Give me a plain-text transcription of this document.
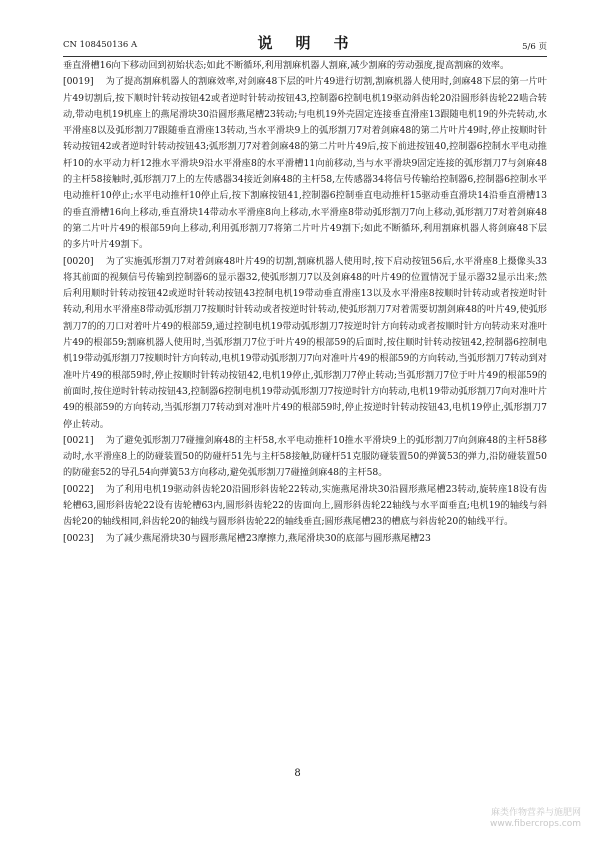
CN 108450136 A	说　明　书	5/6 页

垂直滑槽16向下移动回到初始状态;如此不断循环,利用割麻机器人割麻,减少割麻的劳动强度,提高割麻的效率。

[0019] 为了提高割麻机器人的割麻效率,对剑麻48下层的叶片49进行切割,割麻机器人使用时,剑麻48下层的第一片叶片49切割后,按下顺时针转动按钮42或者逆时针转动按钮43,控制器6控制电机19驱动斜齿轮20沿圆形斜齿轮22啮合转动,带动电机19机座上的燕尾滑块30沿圆形燕尾槽23转动;与电机19外壳固定连接垂直滑座13跟随电机19的外壳转动,水平滑座8以及弧形割刀7跟随垂直滑座13转动,当水平滑块9上的弧形割刀7对着剑麻48的第二片叶片49时,停止按顺时针转动按钮42或者逆时针转动按钮43;弧形割刀7对着剑麻48的第二片叶片49后,按下前进按钮40,控制器6控制水平电动推杆10的水平动力杆12推水平滑块9沿水平滑座8的水平滑槽11向前移动,当与水平滑块9固定连接的弧形割刀7与剑麻48的主杆58接触时,弧形割刀7上的左传感器34接近剑麻48的主杆58,左传感器34将信号传输给控制器6,控制器6控制水平电动推杆10停止;水平电动推杆10停止后,按下割麻按钮41,控制器6控制垂直电动推杆15驱动垂直滑块14沿垂直滑槽13的垂直滑槽16向上移动,垂直滑块14带动水平滑座8向上移动,水平滑座8带动弧形割刀7向上移动,弧形割刀7对着剑麻48的第二片叶片49的根部59向上移动,利用弧形割刀7将第二片叶片49割下;如此不断循环,利用割麻机器人将剑麻48下层的多片叶片49割下。

[0020] 为了实施弧形割刀7对着剑麻48叶片49的切割,割麻机器人使用时,按下启动按钮56后,水平滑座8上摄像头33将其前面的视频信号传输到控制器6的显示器32,使弧形割刀7以及剑麻48的叶片49的位置情况于显示器32显示出来;然后利用顺时针转动按钮42或逆时针转动按钮43控制电机19带动垂直滑座13以及水平滑座8按顺时针转动或者按逆时针转动,利用水平滑座8带动弧形割刀7按顺时针转动或者按逆时针转动,使弧形割刀7对着需要切割剑麻48的叶片49,使弧形割刀7的的刀口对着叶片49的根部59,通过控制电机19带动弧形割刀7按逆时针方向转动或者按顺时针方向转动来对准叶片49的根部59;割麻机器人使用时,当弧形割刀7位于叶片49的根部59的后面时,按住顺时针转动按钮42,控制器6控制电机19带动弧形割刀7按顺时针方向转动,电机19带动弧形割刀7向对准叶片49的根部59的方向转动,当弧形割刀7转动到对准叶片49的根部59时,停止按顺时针转动按钮42,电机19停止,弧形割刀7停止转动;当弧形割刀7位于叶片49的根部59的前面时,按住逆时针转动按钮43,控制器6控制电机19带动弧形割刀7按逆时针方向转动,电机19带动弧形割刀7向对准叶片49的根部59的方向转动,当弧形割刀7转动到对准叶片49的根部59时,停止按逆时针转动按钮43,电机19停止,弧形割刀7停止转动。

[0021] 为了避免弧形割刀7碰撞剑麻48的主杆58,水平电动推杆10推水平滑块9上的弧形割刀7向剑麻48的主杆58移动时,水平滑座8上的防碰装置50的防碰杆51先与主杆58接触,防碰杆51克服防碰装置50的弹簧53的弹力,沿防碰装置50的防碰套52的导孔54向弹簧53方向移动,避免弧形割刀7碰撞剑麻48的主杆58。

[0022] 为了利用电机19驱动斜齿轮20沿圆形斜齿轮22转动,实施燕尾滑块30沿圆形燕尾槽23转动,旋转座18设有齿轮槽63,圆形斜齿轮22设有齿轮槽63内,圆形斜齿轮22的齿面向上,圆形斜齿轮22轴线与水平面垂直;电机19的轴线与斜齿轮20的轴线相同,斜齿轮20的轴线与圆形斜齿轮22的轴线垂直;圆形燕尾槽23的槽底与斜齿轮20的轴线平行。

[0023] 为了减少燕尾滑块30与圆形燕尾槽23摩擦力,燕尾滑块30的底部与圆形燕尾槽23

8
麻类作物营养与施肥网
www.fibercrops.com
